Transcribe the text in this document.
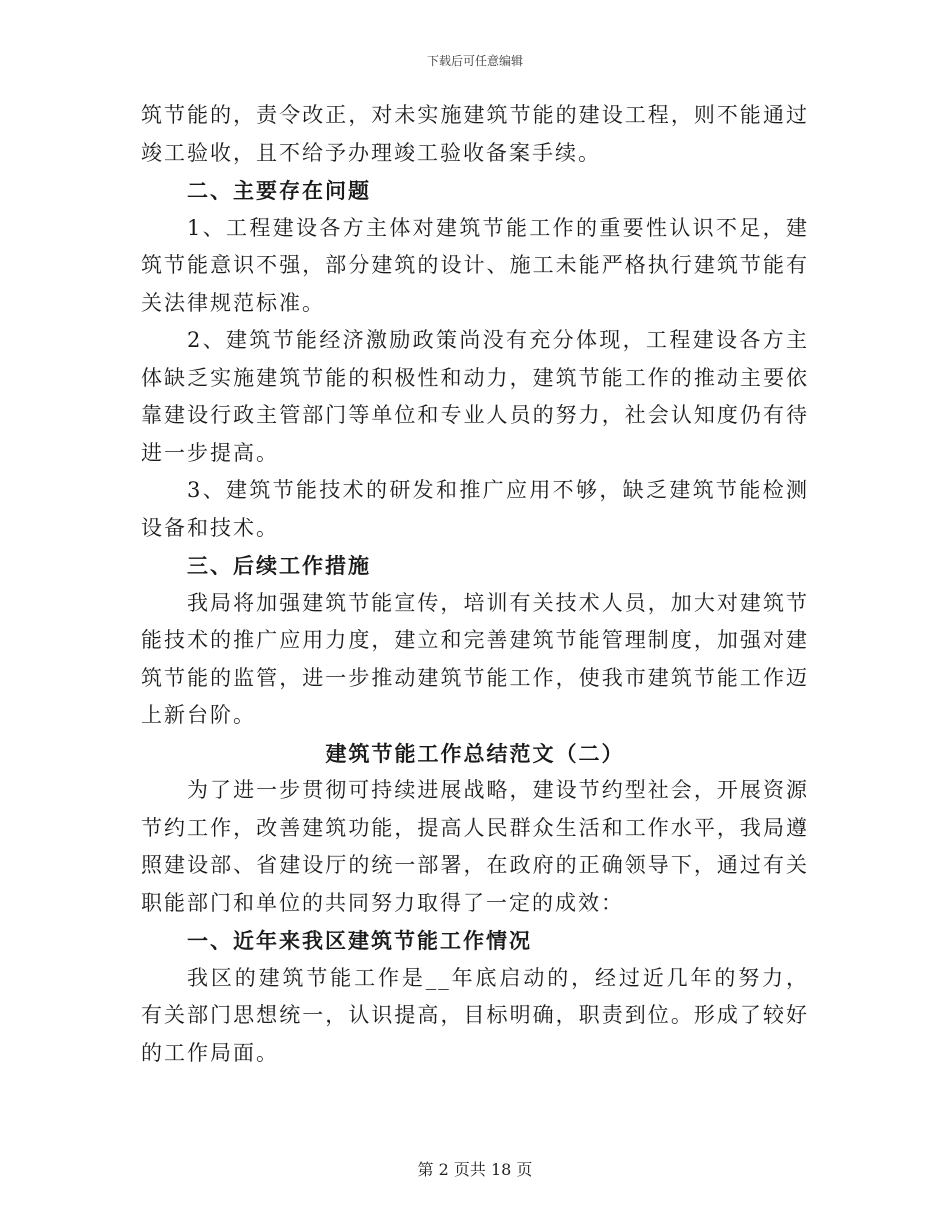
下载后可任意编辑

筑节能的，责令改正，对未实施建筑节能的建设工程，则不能通过竣工验收，且不给予办理竣工验收备案手续。

二、主要存在问题

1、工程建设各方主体对建筑节能工作的重要性认识不足，建筑节能意识不强，部分建筑的设计、施工未能严格执行建筑节能有关法律规范标准。

2、建筑节能经济激励政策尚没有充分体现，工程建设各方主体缺乏实施建筑节能的积极性和动力，建筑节能工作的推动主要依靠建设行政主管部门等单位和专业人员的努力，社会认知度仍有待进一步提高。

3、建筑节能技术的研发和推广应用不够，缺乏建筑节能检测设备和技术。

三、后续工作措施

我局将加强建筑节能宣传，培训有关技术人员，加大对建筑节能技术的推广应用力度，建立和完善建筑节能管理制度，加强对建筑节能的监管，进一步推动建筑节能工作，使我市建筑节能工作迈上新台阶。

建筑节能工作总结范文（二）

为了进一步贯彻可持续进展战略，建设节约型社会，开展资源节约工作，改善建筑功能，提高人民群众生活和工作水平，我局遵照建设部、省建设厅的统一部署，在政府的正确领导下，通过有关职能部门和单位的共同努力取得了一定的成效：

一、近年来我区建筑节能工作情况

我区的建筑节能工作是__年底启动的，经过近几年的努力，有关部门思想统一，认识提高，目标明确，职责到位。形成了较好的工作局面。

第 2 页共 18 页
